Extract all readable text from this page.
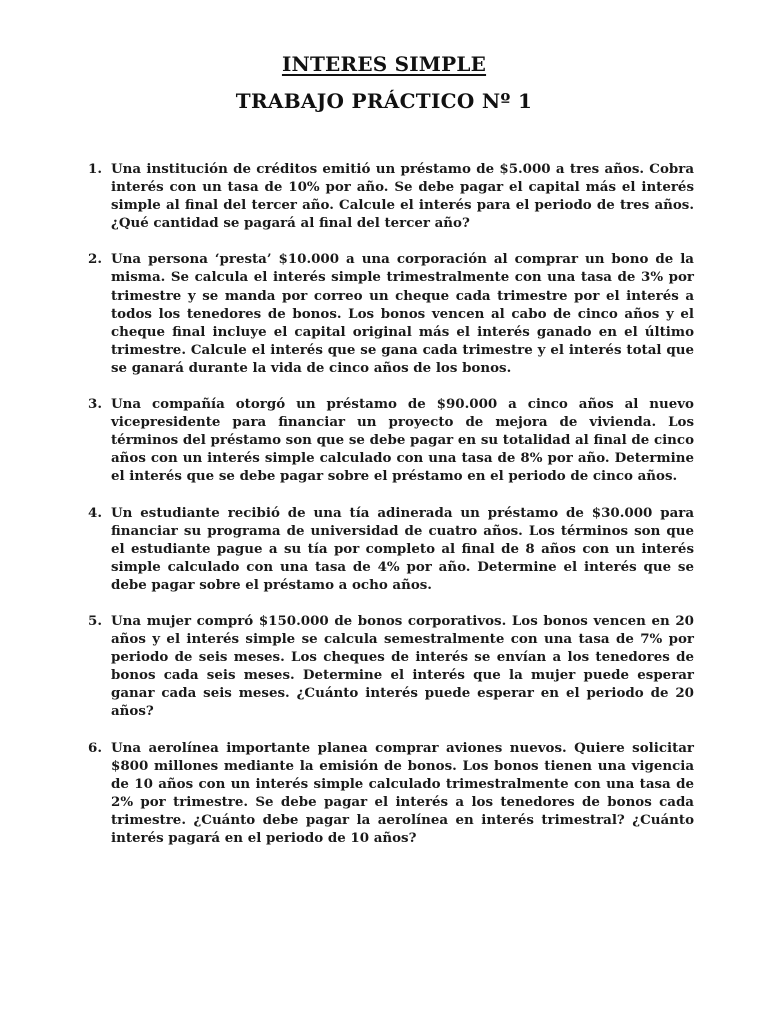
INTERES SIMPLE
TRABAJO PRÁCTICO Nº 1
1. Una institución de créditos emitió un préstamo de $5.000 a tres años. Cobra interés con un tasa de 10% por año. Se debe pagar el capital más el interés simple al final del tercer año. Calcule el interés para el periodo de tres años. ¿Qué cantidad se pagará al final del tercer año?
2. Una persona ‘presta’ $10.000 a una corporación al comprar un bono de la misma. Se calcula el interés simple trimestralmente con una tasa de 3% por trimestre y se manda por correo un cheque cada trimestre por el interés a todos los tenedores de bonos. Los bonos vencen al cabo de cinco años y el cheque final incluye el capital original más el interés ganado en el último trimestre. Calcule el interés que se gana cada trimestre y el interés total que se ganará durante la vida de cinco años de los bonos.
3. Una compañía otorgó un préstamo de $90.000 a cinco años al nuevo vicepresidente para financiar un proyecto de mejora de vivienda. Los términos del préstamo son que se debe pagar en su totalidad al final de cinco años con un interés simple calculado con una tasa de 8% por año. Determine el interés que se debe pagar sobre el préstamo en el periodo de cinco años.
4. Un estudiante recibió de una tía adinerada un préstamo de $30.000 para financiar su programa de universidad de cuatro años. Los términos son que el estudiante pague a su tía por completo al final de 8 años con un interés simple calculado con una tasa de 4% por año. Determine el interés que se debe pagar sobre el préstamo a ocho años.
5. Una mujer compró $150.000 de bonos corporativos. Los bonos vencen en 20 años y el interés simple se calcula semestralmente con una tasa de 7% por periodo de seis meses. Los cheques de interés se envían a los tenedores de bonos cada seis meses. Determine el interés que la mujer puede esperar ganar cada seis meses. ¿Cuánto interés puede esperar en el periodo de 20 años?
6. Una aerolínea importante planea comprar aviones nuevos. Quiere solicitar $800 millones mediante la emisión de bonos. Los bonos tienen una vigencia de 10 años con un interés simple calculado trimestralmente con una tasa de 2% por trimestre. Se debe pagar el interés a los tenedores de bonos cada trimestre. ¿Cuánto debe pagar la aerolínea en interés trimestral? ¿Cuánto interés pagará en el periodo de 10 años?
